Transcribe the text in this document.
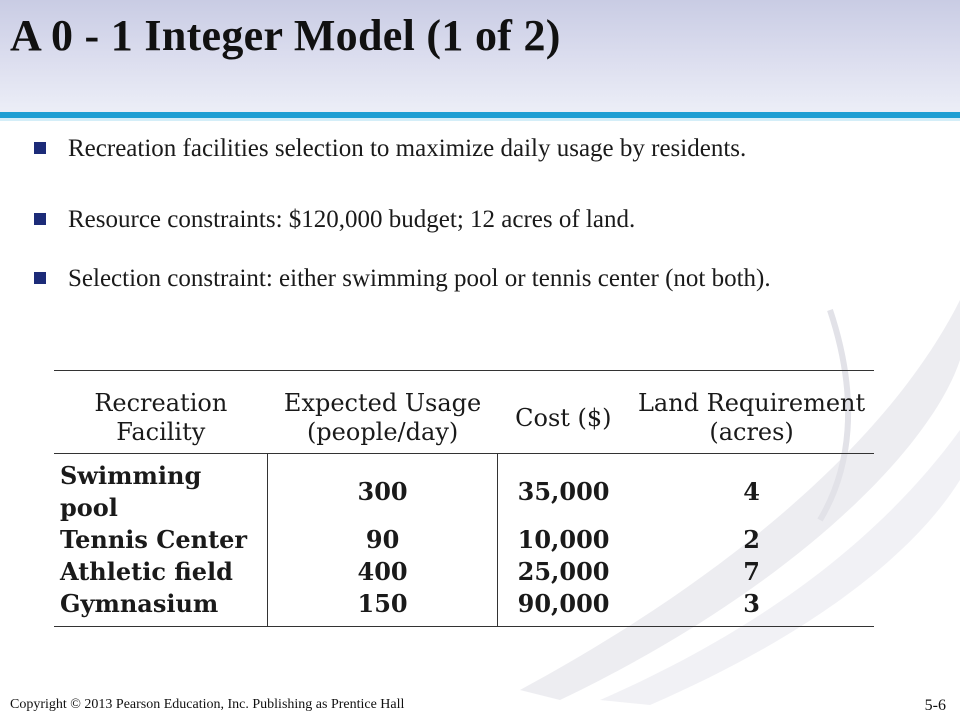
A 0 - 1 Integer Model (1 of 2)
Recreation facilities selection to maximize daily usage by residents.
Resource constraints: $120,000 budget; 12 acres of land.
Selection constraint: either swimming pool or tennis center (not both).
Recreation Facility	Expected Usage (people/day)	Cost ($)	Land Requirement (acres)
Swimming pool	300	35,000	4
Tennis Center	90	10,000	2
Athletic field	400	25,000	7
Gymnasium	150	90,000	3
Copyright © 2013 Pearson Education, Inc. Publishing as Prentice Hall	5-6
